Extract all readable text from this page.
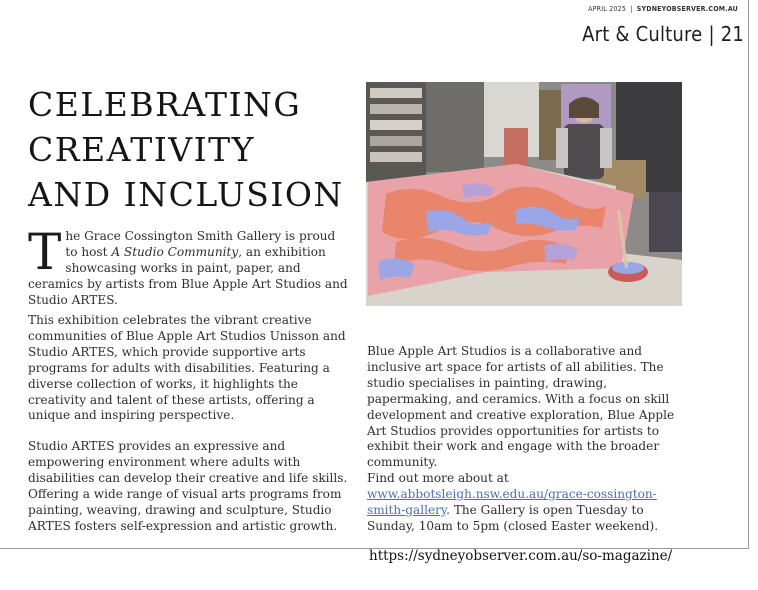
APRIL 2025 | SYDNEYOBSERVER.COM.AU
Art & Culture | 21
CELEBRATING CREATIVITY AND INCLUSION

The Grace Cossington Smith Gallery is proud to host A Studio Community, an exhibition showcasing works in paint, paper, and ceramics by artists from Blue Apple Art Studios and Studio ARTES.

This exhibition celebrates the vibrant creative communities of Blue Apple Art Studios Unisson and Studio ARTES, which provide supportive arts programs for adults with disabilities. Featuring a diverse collection of works, it highlights the creativity and talent of these artists, offering a unique and inspiring perspective.

Studio ARTES provides an expressive and empowering environment where adults with disabilities can develop their creative and life skills. Offering a wide range of visual arts programs from painting, weaving, drawing and sculpture, Studio ARTES fosters self-expression and artistic growth.

Blue Apple Art Studios is a collaborative and inclusive art space for artists of all abilities. The studio specialises in painting, drawing, papermaking, and ceramics. With a focus on skill development and creative exploration, Blue Apple Art Studios provides opportunities for artists to exhibit their work and engage with the broader community.

Find out more about at www.abbotsleigh.nsw.edu.au/grace-cossington-smith-gallery. The Gallery is open Tuesday to Sunday, 10am to 5pm (closed Easter weekend).

https://sydneyobserver.com.au/so-magazine/
